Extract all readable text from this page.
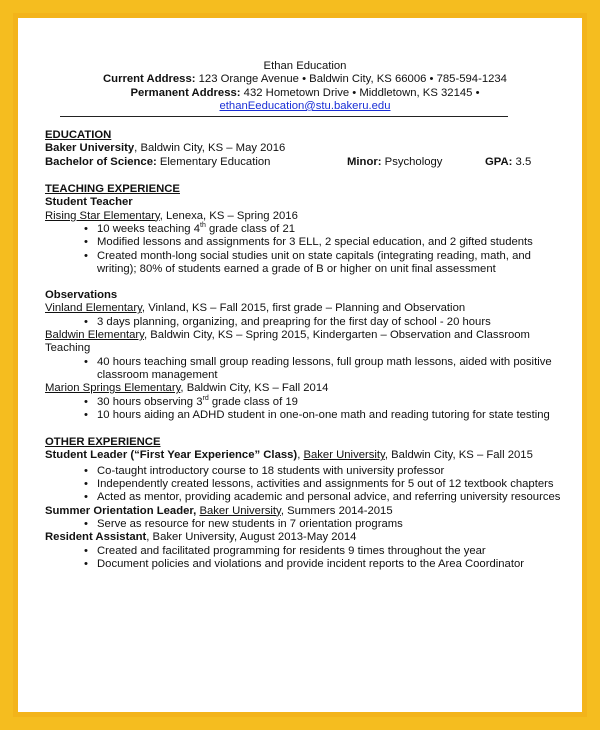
Ethan Education
Current Address: 123 Orange Avenue • Baldwin City, KS 66006 • 785-594-1234
Permanent Address: 432 Hometown Drive • Middletown, KS 32145 •
ethanEeducation@stu.bakeru.edu
EDUCATION
Baker University, Baldwin City, KS – May 2016
Bachelor of Science: Elementary Education	Minor: Psychology	GPA: 3.5
TEACHING EXPERIENCE
Student Teacher
Rising Star Elementary, Lenexa, KS – Spring 2016
• 10 weeks teaching 4th grade class of 21
• Modified lessons and assignments for 3 ELL, 2 special education, and 2 gifted students
• Created month-long social studies unit on state capitals (integrating reading, math, and writing); 80% of students earned a grade of B or higher on unit final assessment
Observations
Vinland Elementary, Vinland, KS – Fall 2015, first grade – Planning and Observation
• 3 days planning, organizing, and preapring for the first day of school - 20 hours
Baldwin Elementary, Baldwin City, KS – Spring 2015, Kindergarten – Observation and Classroom Teaching
• 40 hours teaching small group reading lessons, full group math lessons, aided with positive classroom management
Marion Springs Elementary, Baldwin City, KS – Fall 2014
• 30 hours observing 3rd grade class of 19
• 10 hours aiding an ADHD student in one-on-one math and reading tutoring for state testing
OTHER EXPERIENCE
Student Leader (“First Year Experience” Class), Baker University, Baldwin City, KS – Fall 2015
• Co-taught introductory course to 18 students with university professor
• Independently created lessons, activities and assignments for 5 out of 12 textbook chapters
• Acted as mentor, providing academic and personal advice, and referring university resources
Summer Orientation Leader, Baker University, Summers 2014-2015
• Serve as resource for new students in 7 orientation programs
Resident Assistant, Baker University, August 2013-May 2014
• Created and facilitated programming for residents 9 times throughout the year
• Document policies and violations and provide incident reports to the Area Coordinator
